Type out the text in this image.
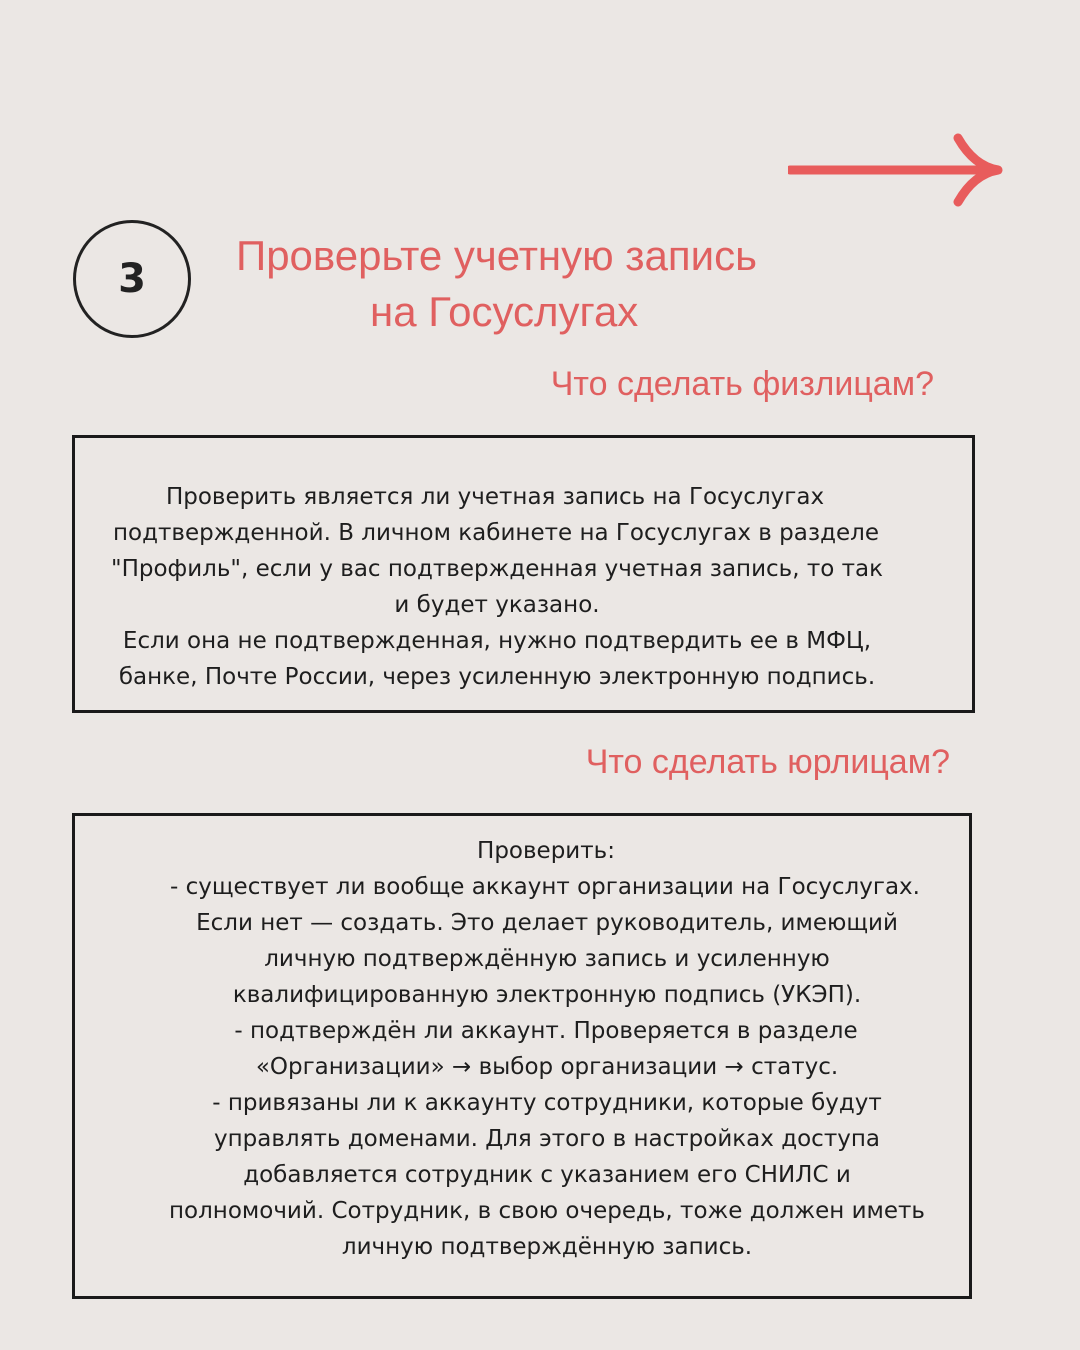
3 Проверьте учетную запись
на Госуслугах
Что сделать физлицам?
Проверить является ли учетная запись на Госуслугах
подтвержденной. В личном кабинете на Госуслугах в разделе
"Профиль", если у вас подтвержденная учетная запись, то так
и будет указано.
Если она не подтвержденная, нужно подтвердить ее в МФЦ,
банке, Почте России, через усиленную электронную подпись.
Что сделать юрлицам?
Проверить:
- существует ли вообще аккаунт организации на Госуслугах.
Если нет — создать. Это делает руководитель, имеющий
личную подтверждённую запись и усиленную
квалифицированную электронную подпись (УКЭП).
- подтверждён ли аккаунт. Проверяется в разделе
«Организации» → выбор организации → статус.
- привязаны ли к аккаунту сотрудники, которые будут
управлять доменами. Для этого в настройках доступа
добавляется сотрудник с указанием его СНИЛС и
полномочий. Сотрудник, в свою очередь, тоже должен иметь
личную подтверждённую запись.
